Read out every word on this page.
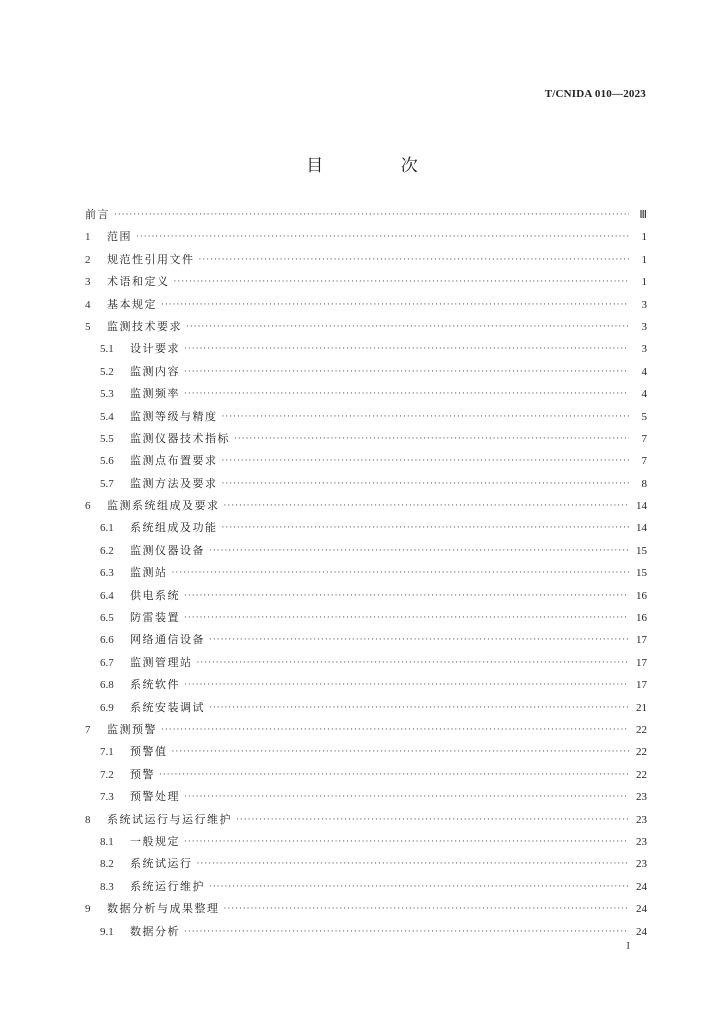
T/CNIDA 010—2023
目 次
前言 ·····	Ⅲ
1	范围 ·····	1
2	规范性引用文件 ·····	1
3	术语和定义 ·····	1
4	基本规定 ·····	3
5	监测技术要求 ·····	3
5.1	设计要求 ·····	3
5.2	监测内容 ·····	4
5.3	监测频率 ·····	4
5.4	监测等级与精度 ·····	5
5.5	监测仪器技术指标 ·····	7
5.6	监测点布置要求 ·····	7
5.7	监测方法及要求 ·····	8
6	监测系统组成及要求 ·····	14
6.1	系统组成及功能 ·····	14
6.2	监测仪器设备 ·····	15
6.3	监测站 ·····	15
6.4	供电系统 ·····	16
6.5	防雷装置 ·····	16
6.6	网络通信设备 ·····	17
6.7	监测管理站 ·····	17
6.8	系统软件 ·····	17
6.9	系统安装调试 ·····	21
7	监测预警 ·····	22
7.1	预警值 ·····	22
7.2	预警 ·····	22
7.3	预警处理 ·····	23
8	系统试运行与运行维护 ·····	23
8.1	一般规定 ·····	23
8.2	系统试运行 ·····	23
8.3	系统运行维护 ·····	24
9	数据分析与成果整理 ·····	24
9.1	数据分析 ·····	24
I
